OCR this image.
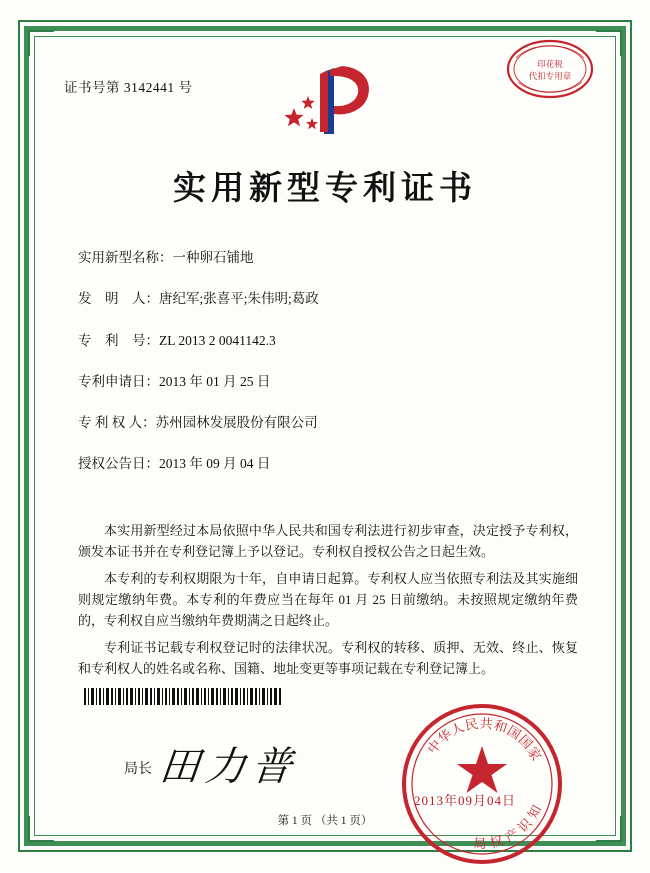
证书号第 3142441 号
印花税
代扣专用章
实用新型专利证书
实用新型名称：一种卵石铺地
发　明　人：唐纪军;张喜平;朱伟明;葛政
专　利　号：ZL 2013 2 0041142.3
专利申请日：2013 年 01 月 25 日
专 利 权 人：苏州园林发展股份有限公司
授权公告日：2013 年 09 月 04 日

本实用新型经过本局依照中华人民共和国专利法进行初步审查，决定授予专利权，颁发本证书并在专利登记簿上予以登记。专利权自授权公告之日起生效。

本专利的专利权期限为十年，自申请日起算。专利权人应当依照专利法及其实施细则规定缴纳年费。本专利的年费应当在每年 01 月 25 日前缴纳。未按照规定缴纳年费的，专利权自应当缴纳年费期满之日起终止。

专利证书记载专利权登记时的法律状况。专利权的转移、质押、无效、终止、恢复和专利权人的姓名或名称、国籍、地址变更等事项记载在专利登记簿上。

局长 田力普	中
华
人
民 共
和
国
国
家
知
识
产
权
局
2013年09月04日
第 1 页 （共 1 页）
